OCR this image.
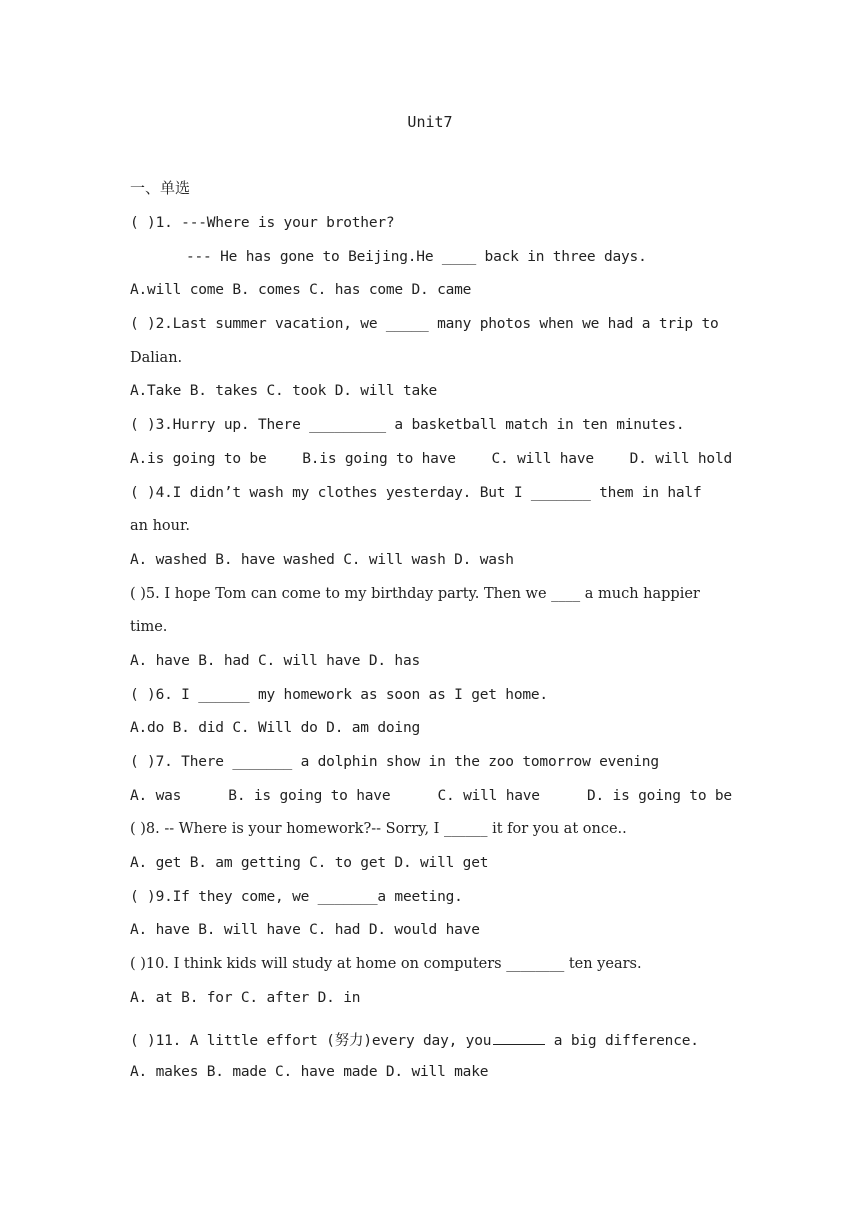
Unit7
一、单选
( )1. ---Where is your brother?
--- He has gone to Beijing.He ____ back in three days.
A.will come B. comes C. has come D. came
( )2.Last summer vacation, we _____ many photos when we had a trip to
Dalian.
A.Take B. takes C. took D. will take
( )3.Hurry up. There _________ a basketball match in ten minutes.
A.is going to be B.is going to have C. will have D. will hold
( )4.I didn’t wash my clothes yesterday. But I _______ them in half
an hour.
A. washed B. have washed C. will wash D. wash
( )5. I hope Tom can come to my birthday party. Then we ____ a much happier
time.
A. have B. had C. will have D. has
( )6. I ______ my homework as soon as I get home.
A.do B. did C. Will do D. am doing
( )7. There _______ a dolphin show in the zoo tomorrow evening
A. was	B. is going to have	C. will have	D. is going to be
( )8. -- Where is your homework?-- Sorry, I ______ it for you at once..
A. get B. am getting C. to get D. will get
( )9.If they come, we _______a meeting.
A. have B. will have C. had D. would have
( )10. I think kids will study at home on computers ________ ten years.
A. at B. for C. after D. in
( )11. A little effort (努力)every day, you	a big difference.
A. makes B. made C. have made D. will make
